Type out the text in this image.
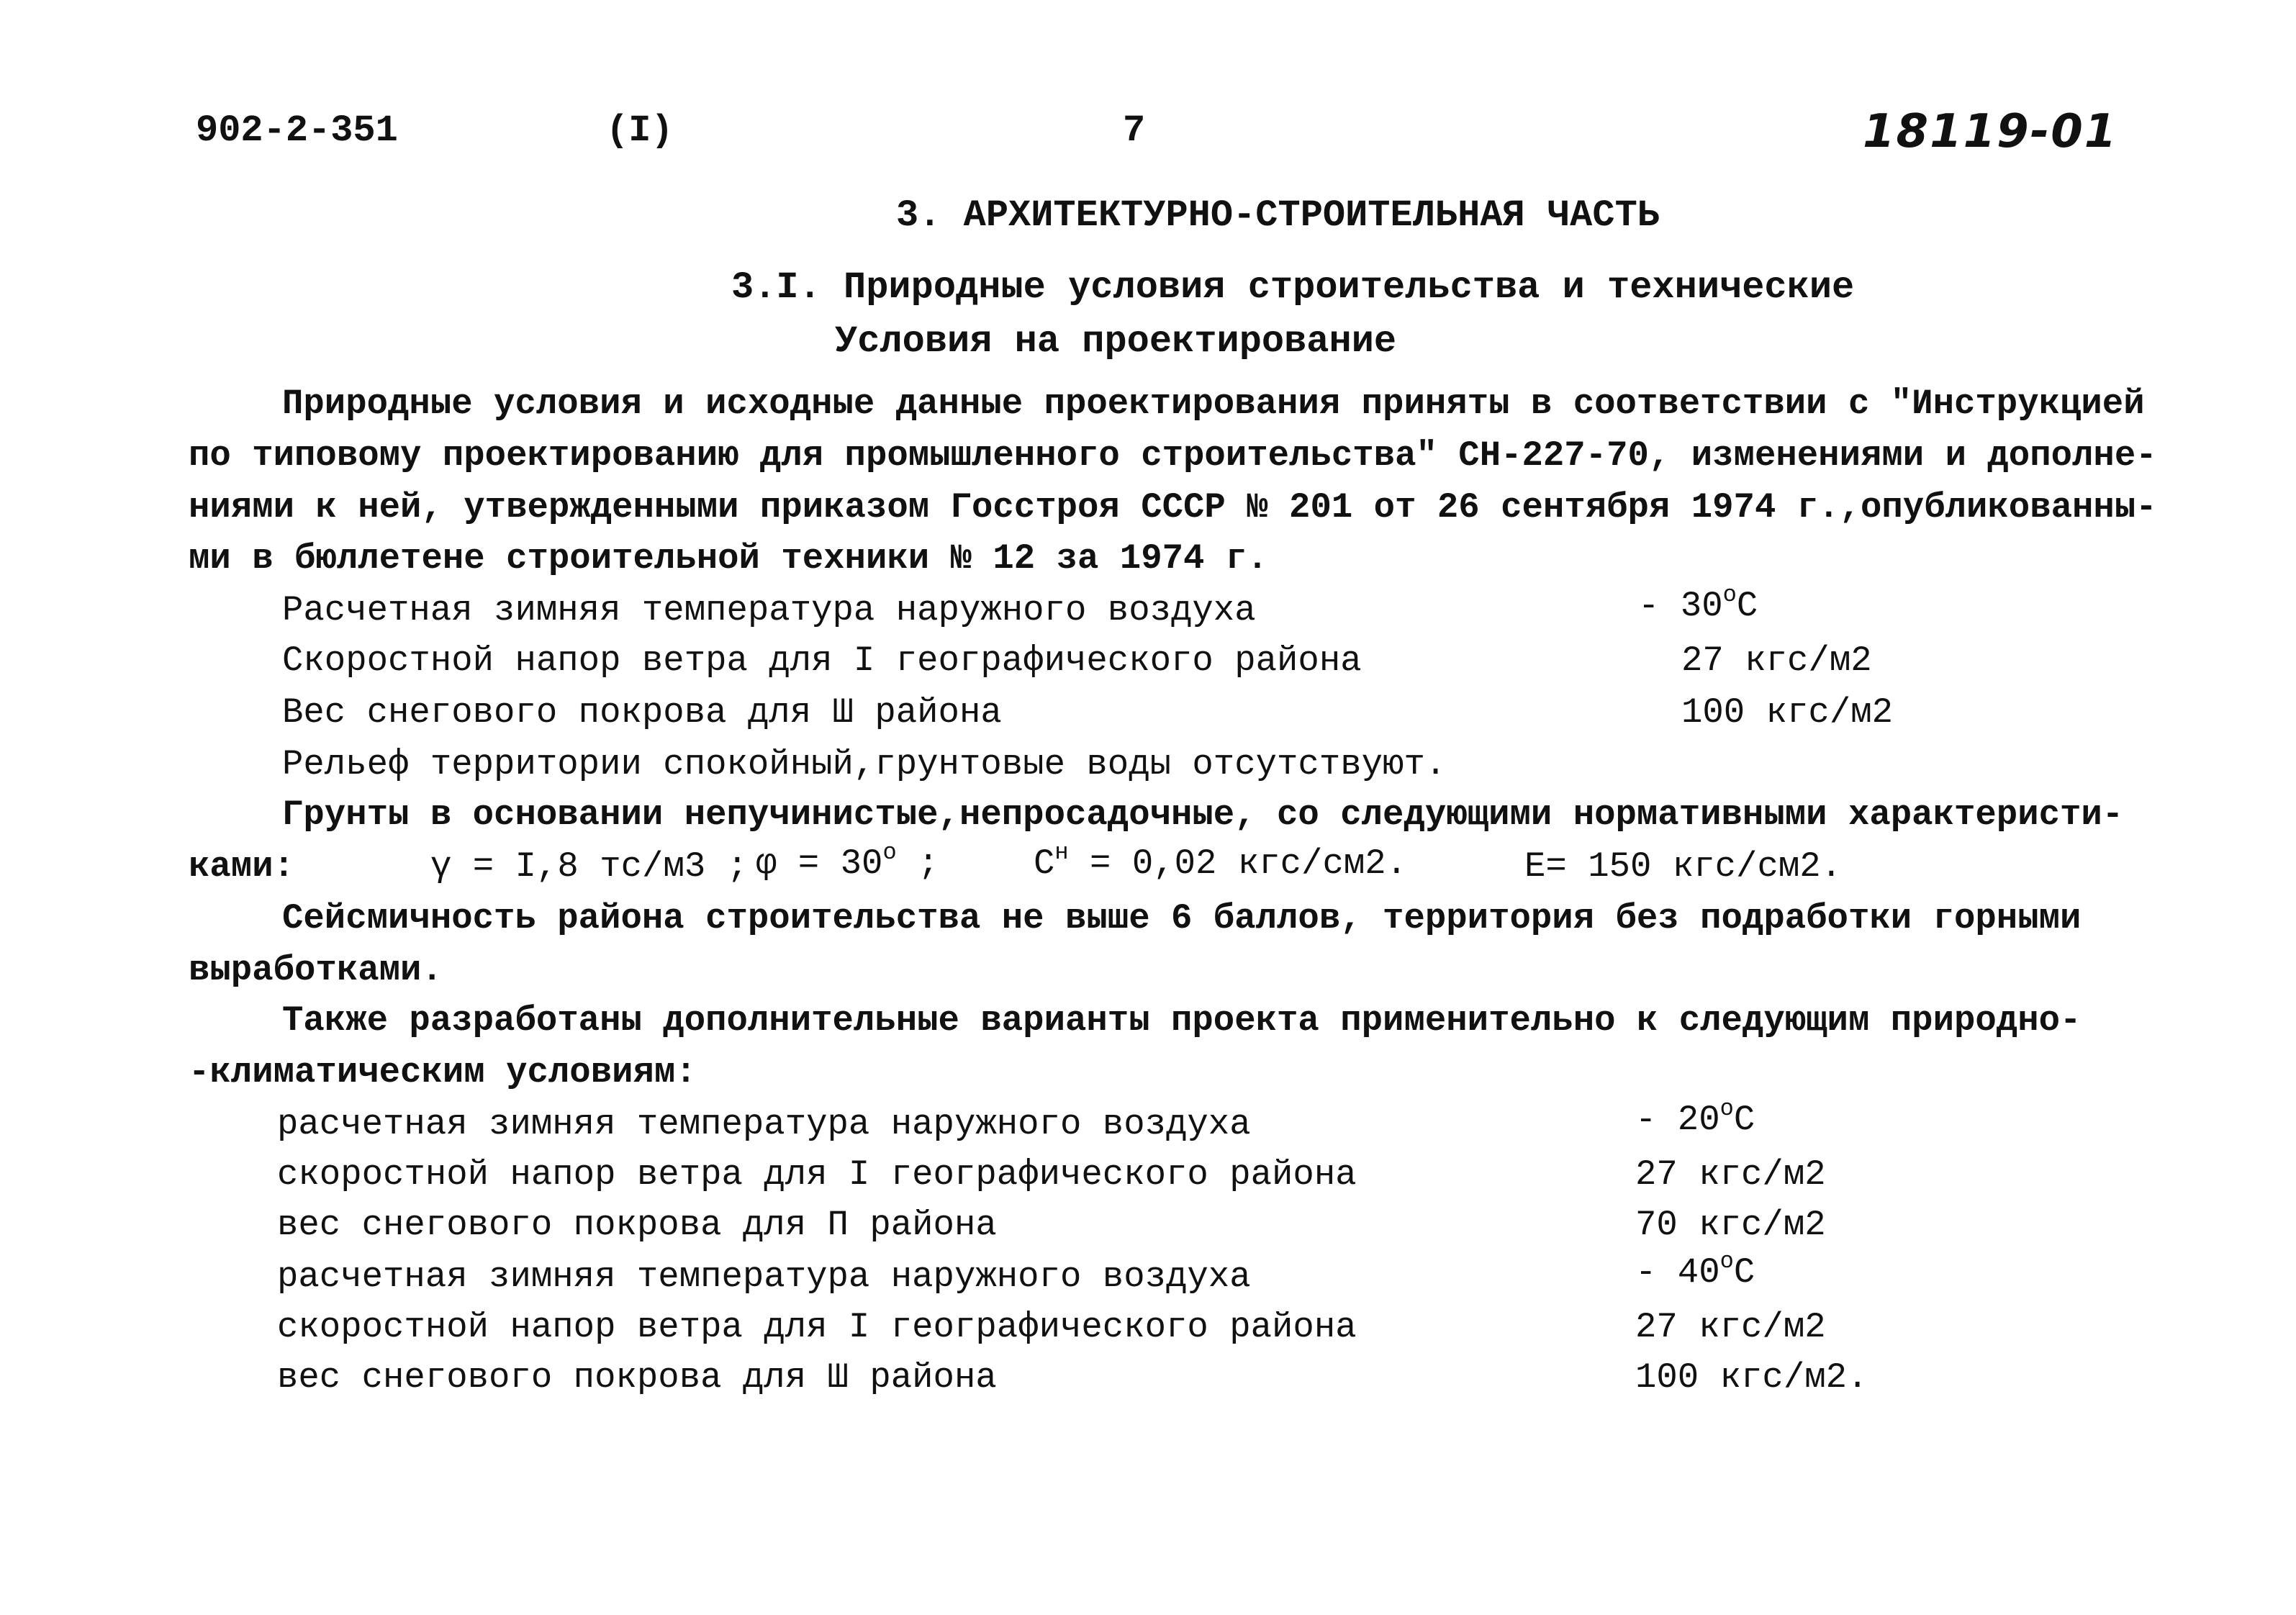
902-2-351	(I)	7	18119-01
3. АРХИТЕКТУРНО-СТРОИТЕЛЬНАЯ ЧАСТЬ
3.I. Природные условия строительства и технические
Условия на проектирование
Природные условия и исходные данные проектирования приняты в соответствии с "Инструкцией
по типовому проектированию для промышленного строительства" СН-227-70, изменениями и дополне-
ниями к ней, утвержденными приказом Госстроя СССР № 201 от 26 сентября 1974 г.,опубликованны-
ми в бюллетене строительной техники № 12 за 1974 г.
Расчетная зимняя температура наружного воздуха	- $30^оС$
Скоростной напор ветра для I географического района	27 кгс/м2
Вес снегового покрова для Ш района	100 кгс/м2
Рельеф территории спокойный,грунтовые воды отсутствуют.
Грунты в основании непучинистые,непросадочные, со следующими нормативными характеристи-
ками:	γ = I,8 тс/м3 ; $\varphi = 30^о$ ;	$С^н = 0,02$ кгс/см2.	Е= 150 кгс/см2.
Сейсмичность района строительства не выше 6 баллов, территория без подработки горными
выработками.
Также разработаны дополнительные варианты проекта применительно к следующим природно-
-климатическим условиям:
расчетная зимняя температура наружного воздуха	- $20^оС$
скоростной напор ветра для I географического района	27 кгс/м2
вес снегового покрова для П района	70 кгс/м2
расчетная зимняя температура наружного воздуха	- $40^оС$
скоростной напор ветра для I географического района	27 кгс/м2
вес снегового покрова для Ш района	100 кгс/м2.
